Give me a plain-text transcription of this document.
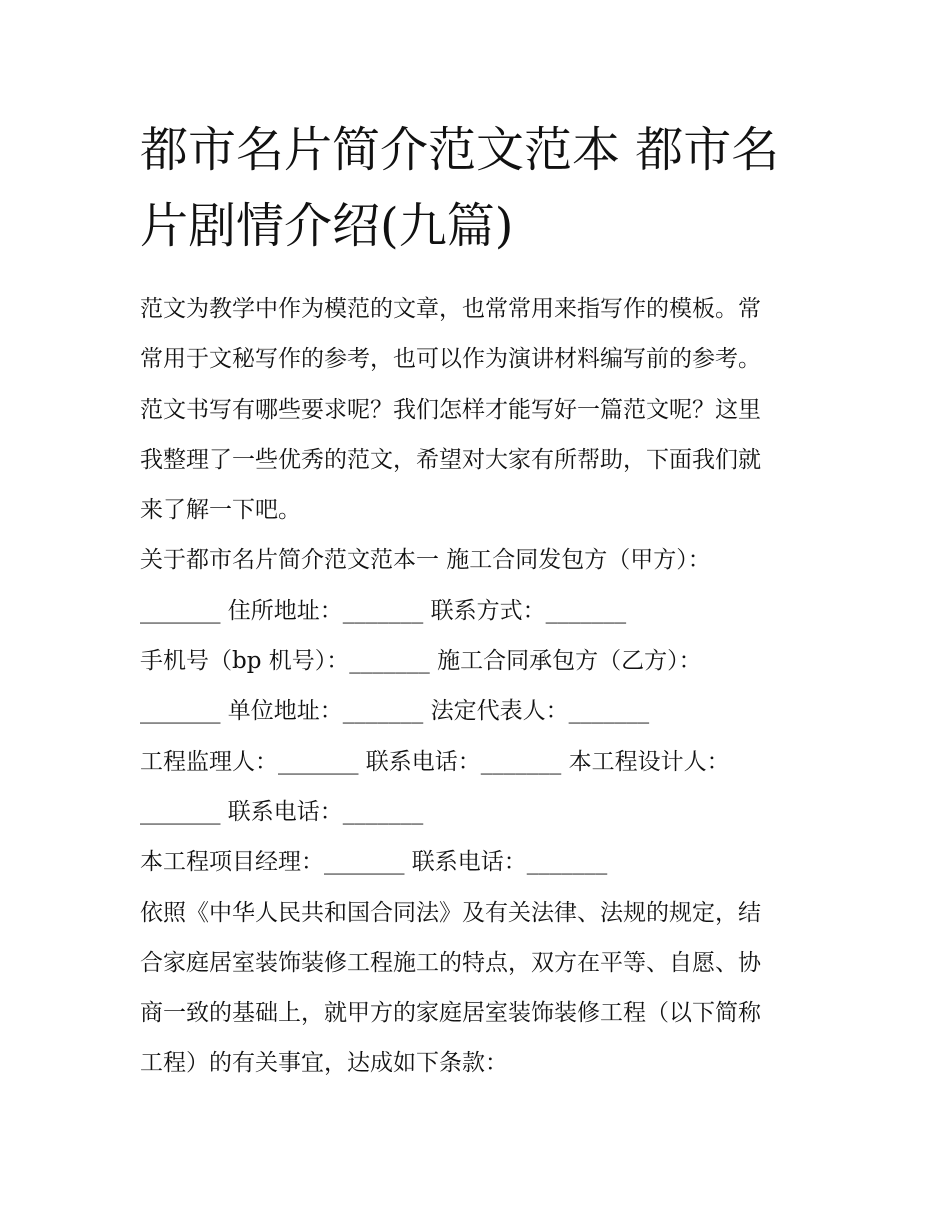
都市名片简介范文范本 都市名
片剧情介绍(九篇)
范文为教学中作为模范的文章，也常常用来指写作的模板。常
常用于文秘写作的参考，也可以作为演讲材料编写前的参考。
范文书写有哪些要求呢？我们怎样才能写好一篇范文呢？这里
我整理了一些优秀的范文，希望对大家有所帮助，下面我们就
来了解一下吧。
关于都市名片简介范文范本一 施工合同发包方（甲方）：
_______ 住所地址：_______ 联系方式：_______
手机号（bp 机号）：_______ 施工合同承包方（乙方）：
_______ 单位地址：_______ 法定代表人：_______
工程监理人：_______ 联系电话：_______ 本工程设计人：
_______ 联系电话：_______
本工程项目经理：_______ 联系电话：_______
依照《中华人民共和国合同法》及有关法律、法规的规定，结
合家庭居室装饰装修工程施工的特点，双方在平等、自愿、协
商一致的基础上，就甲方的家庭居室装饰装修工程（以下简称
工程）的有关事宜，达成如下条款：
